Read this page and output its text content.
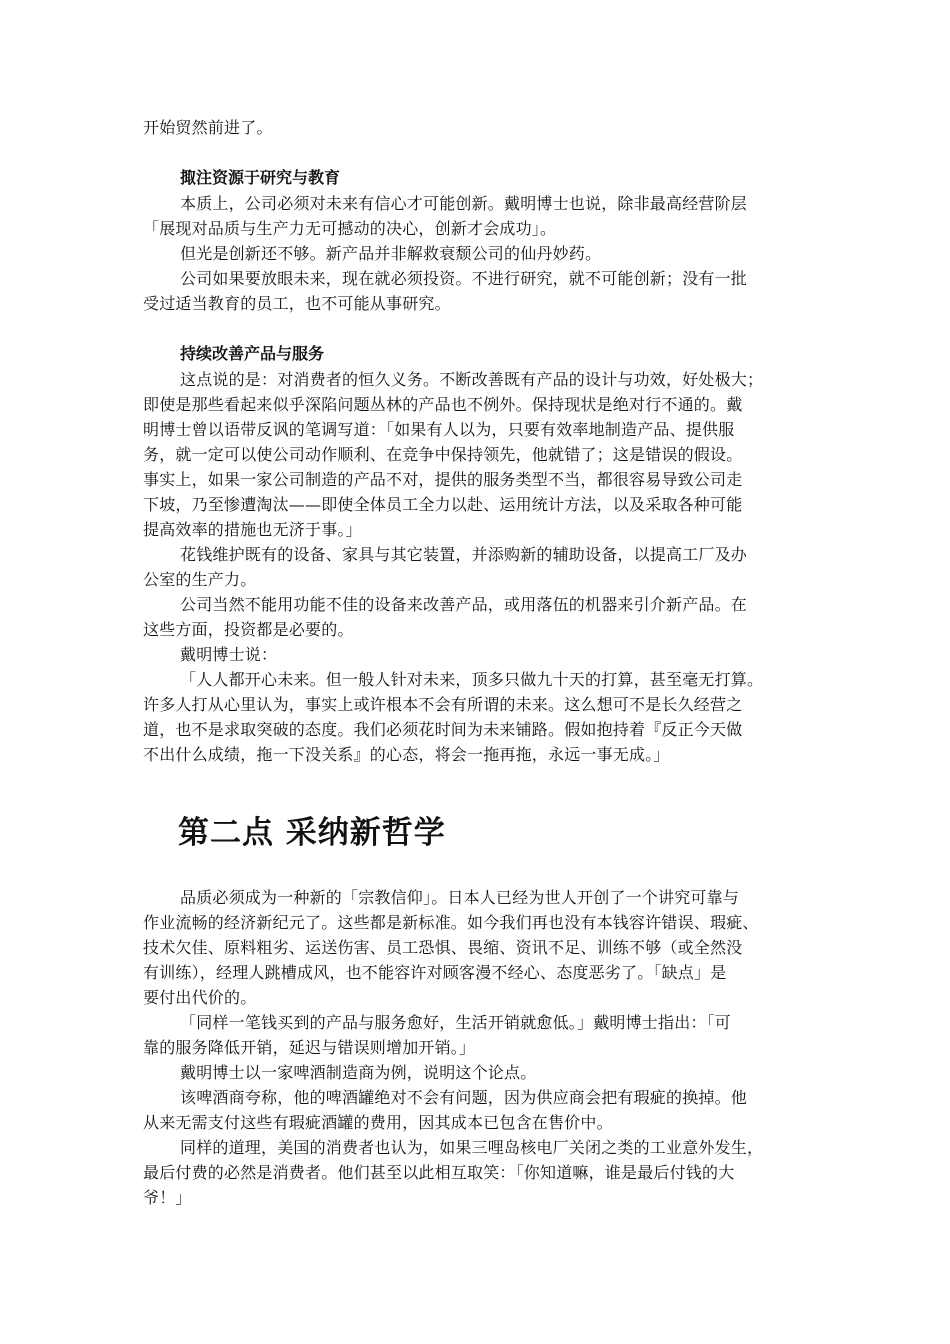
开始贸然前进了。
掫注资源于研究与教育
本质上，公司必须对未来有信心才可能创新。戴明博士也说，除非最高经营阶层
「展现对品质与生产力无可撼动的决心，创新才会成功」。
但光是创新还不够。新产品并非解救衰颓公司的仙丹妙药。
公司如果要放眼未来，现在就必须投资。不进行研究，就不可能创新；没有一批
受过适当教育的员工，也不可能从事研究。
持续改善产品与服务
这点说的是：对消费者的恒久义务。不断改善既有产品的设计与功效，好处极大；
即使是那些看起来似乎深陷问题丛林的产品也不例外。保持现状是绝对行不通的。戴
明博士曾以语带反讽的笔调写道：「如果有人以为，只要有效率地制造产品、提供服
务，就一定可以使公司动作顺利、在竞争中保持领先，他就错了；这是错误的假设。
事实上，如果一家公司制造的产品不对，提供的服务类型不当，都很容易导致公司走
下坡，乃至惨遭淘汰——即使全体员工全力以赴、运用统计方法，以及采取各种可能
提高效率的措施也无济于事。」
花钱维护既有的设备、家具与其它装置，并添购新的辅助设备，以提高工厂及办
公室的生产力。
公司当然不能用功能不佳的设备来改善产品，或用落伍的机器来引介新产品。在
这些方面，投资都是必要的。
戴明博士说：
「人人都开心未来。但一般人针对未来，顶多只做九十天的打算，甚至毫无打算。
许多人打从心里认为，事实上或许根本不会有所谓的未来。这么想可不是长久经营之
道，也不是求取突破的态度。我们必须花时间为未来铺路。假如抱持着『反正今天做
不出什么成绩，拖一下没关系』的心态，将会一拖再拖，永远一事无成。」
第二点 采纳新哲学
品质必须成为一种新的「宗教信仰」。日本人已经为世人开创了一个讲究可靠与
作业流畅的经济新纪元了。这些都是新标准。如今我们再也没有本钱容许错误、瑕疵、
技术欠佳、原料粗劣、运送伤害、员工恐惧、畏缩、资讯不足、训练不够（或全然没
有训练），经理人跳槽成风，也不能容许对顾客漫不经心、态度恶劣了。「缺点」是
要付出代价的。
「同样一笔钱买到的产品与服务愈好，生活开销就愈低。」戴明博士指出：「可
靠的服务降低开销，延迟与错误则增加开销。」
戴明博士以一家啤酒制造商为例，说明这个论点。
该啤酒商夸称，他的啤酒罐绝对不会有问题，因为供应商会把有瑕疵的换掉。他
从来无需支付这些有瑕疵酒罐的费用，因其成本已包含在售价中。
同样的道理，美国的消费者也认为，如果三哩岛核电厂关闭之类的工业意外发生，
最后付费的必然是消费者。他们甚至以此相互取笑：「你知道嘛，谁是最后付钱的大
爷！」
